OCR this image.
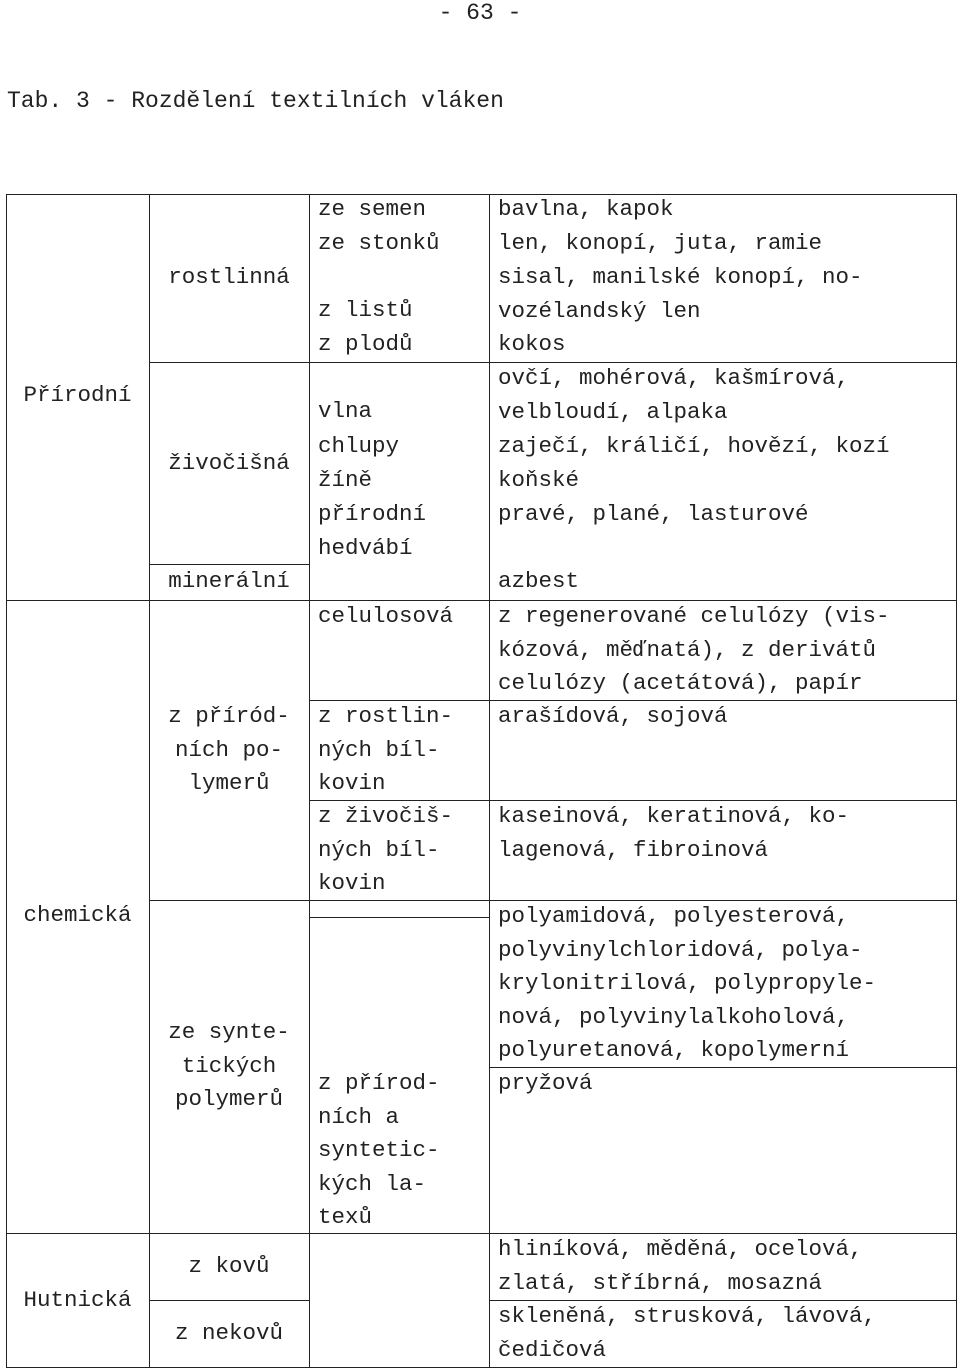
- 63 -
Tab. 3 - Rozdělení textilních vláken
Přírodní
chemická
Hutnická
rostlinná
živočišná
minerální
z příród-
ních po-
lymerů
ze synte-
tických
polymerů
z kovů
z nekovů
ze semen
ze stonků
z listů
z plodů
vlna
chlupy
žíně
přírodní
hedvábí
celulosová
z rostlin-
ných bíl-
kovin
z živočiš-
ných bíl-
kovin
z přírod-
ních a
syntetic-
kých la-
texů
bavlna, kapok
len, konopí, juta, ramie
sisal, manilské konopí, no-
vozélandský len
kokos
ovčí, mohérová, kašmírová,
velbloudí, alpaka
zaječí, králičí, hovězí, kozí
koňské
pravé, plané, lasturové
azbest
z regenerované celulózy (vis-
kózová, měďnatá), z derivátů
celulózy (acetátová), papír
arašídová, sojová
kaseinová, keratinová, ko-
lagenová, fibroinová
polyamidová, polyesterová,
polyvinylchloridová, polya-
krylonitrilová, polypropyle-
nová, polyvinylalkoholová,
polyuretanová, kopolymerní
pryžová
hliníková, měděná, ocelová,
zlatá, stříbrná, mosazná
skleněná, strusková, lávová,
čedičová
